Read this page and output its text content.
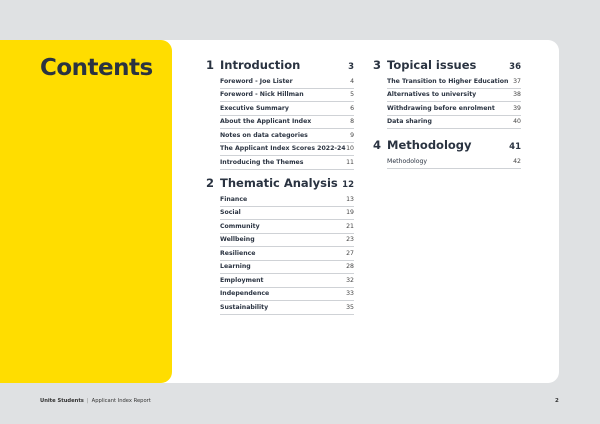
Contents	1 Introduction	3
Foreword - Joe Lister	4
Foreword - Nick Hillman	5
Executive Summary	6
About the Applicant Index	8
Notes on data categories	9
The Applicant Index Scores 2022-24 10
Introducing the Themes	11
2 Thematic Analysis 12
Finance	13
Social	19
Community	21
Wellbeing	23
Resilience	27
Learning	28
Employment	32
Independence	33
Sustainability	35
3 Topical issues	36
The Transition to Higher Education 37
Alternatives to university	38
Withdrawing before enrolment	39
Data sharing	40
4 Methodology	41
Methodology	42
Unite Students | Applicant Index Report	2
